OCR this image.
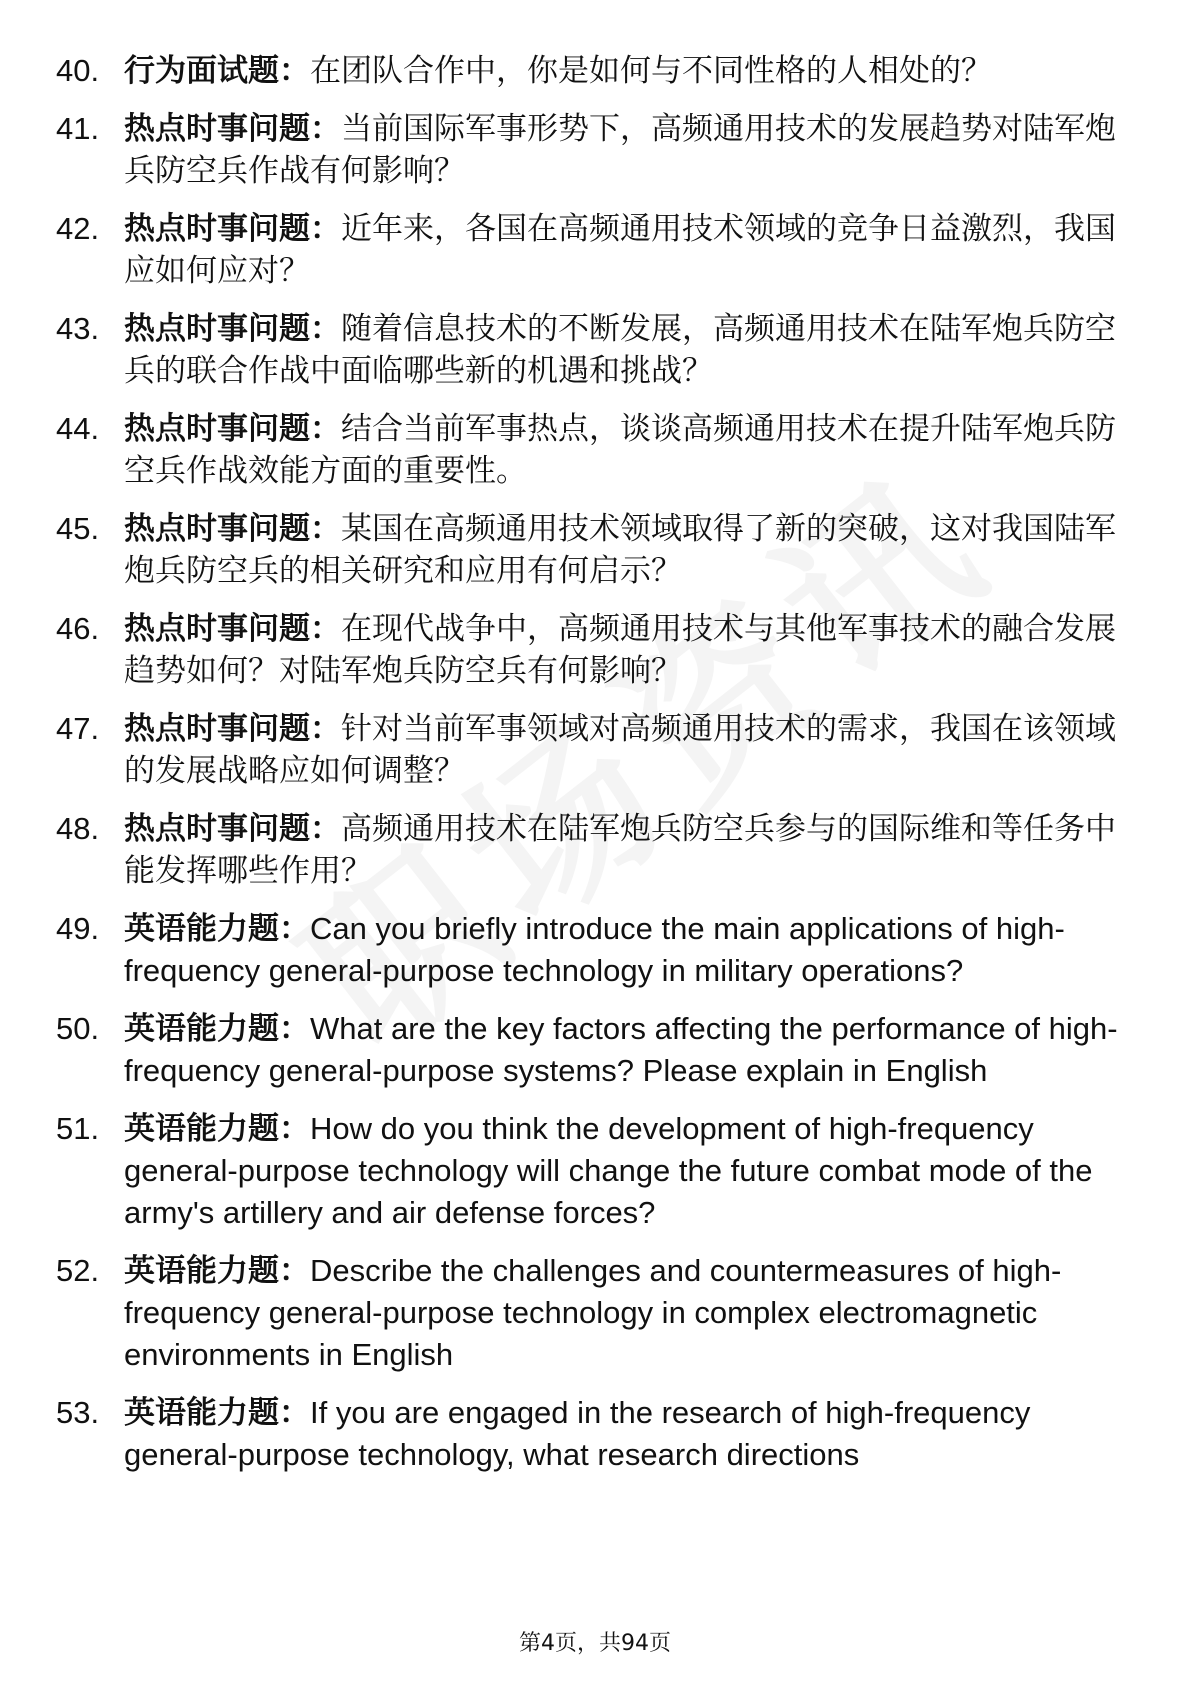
40. 行为面试题：在团队合作中，你是如何与不同性格的人相处的？
41. 热点时事问题：当前国际军事形势下，高频通用技术的发展趋势对陆军炮兵防空兵作战有何影响？
42. 热点时事问题：近年来，各国在高频通用技术领域的竞争日益激烈，我国应如何应对？
43. 热点时事问题：随着信息技术的不断发展，高频通用技术在陆军炮兵防空兵的联合作战中面临哪些新的机遇和挑战？
44. 热点时事问题：结合当前军事热点，谈谈高频通用技术在提升陆军炮兵防空兵作战效能方面的重要性。
45. 热点时事问题：某国在高频通用技术领域取得了新的突破，这对我国陆军炮兵防空兵的相关研究和应用有何启示？
46. 热点时事问题：在现代战争中，高频通用技术与其他军事技术的融合发展趋势如何？对陆军炮兵防空兵有何影响？
47. 热点时事问题：针对当前军事领域对高频通用技术的需求，我国在该领域的发展战略应如何调整？
48. 热点时事问题：高频通用技术在陆军炮兵防空兵参与的国际维和等任务中能发挥哪些作用？
49. 英语能力题：Can you briefly introduce the main applications of high-frequency general-purpose technology in military operations?
50. 英语能力题：What are the key factors affecting the performance of high-frequency general-purpose systems? Please explain in English
51. 英语能力题：How do you think the development of high-frequency general-purpose technology will change the future combat mode of the army's artillery and air defense forces?
52. 英语能力题：Describe the challenges and countermeasures of high-frequency general-purpose technology in complex electromagnetic environments in English
53. 英语能力题：If you are engaged in the research of high-frequency general-purpose technology, what research directions
第4页，共94页
